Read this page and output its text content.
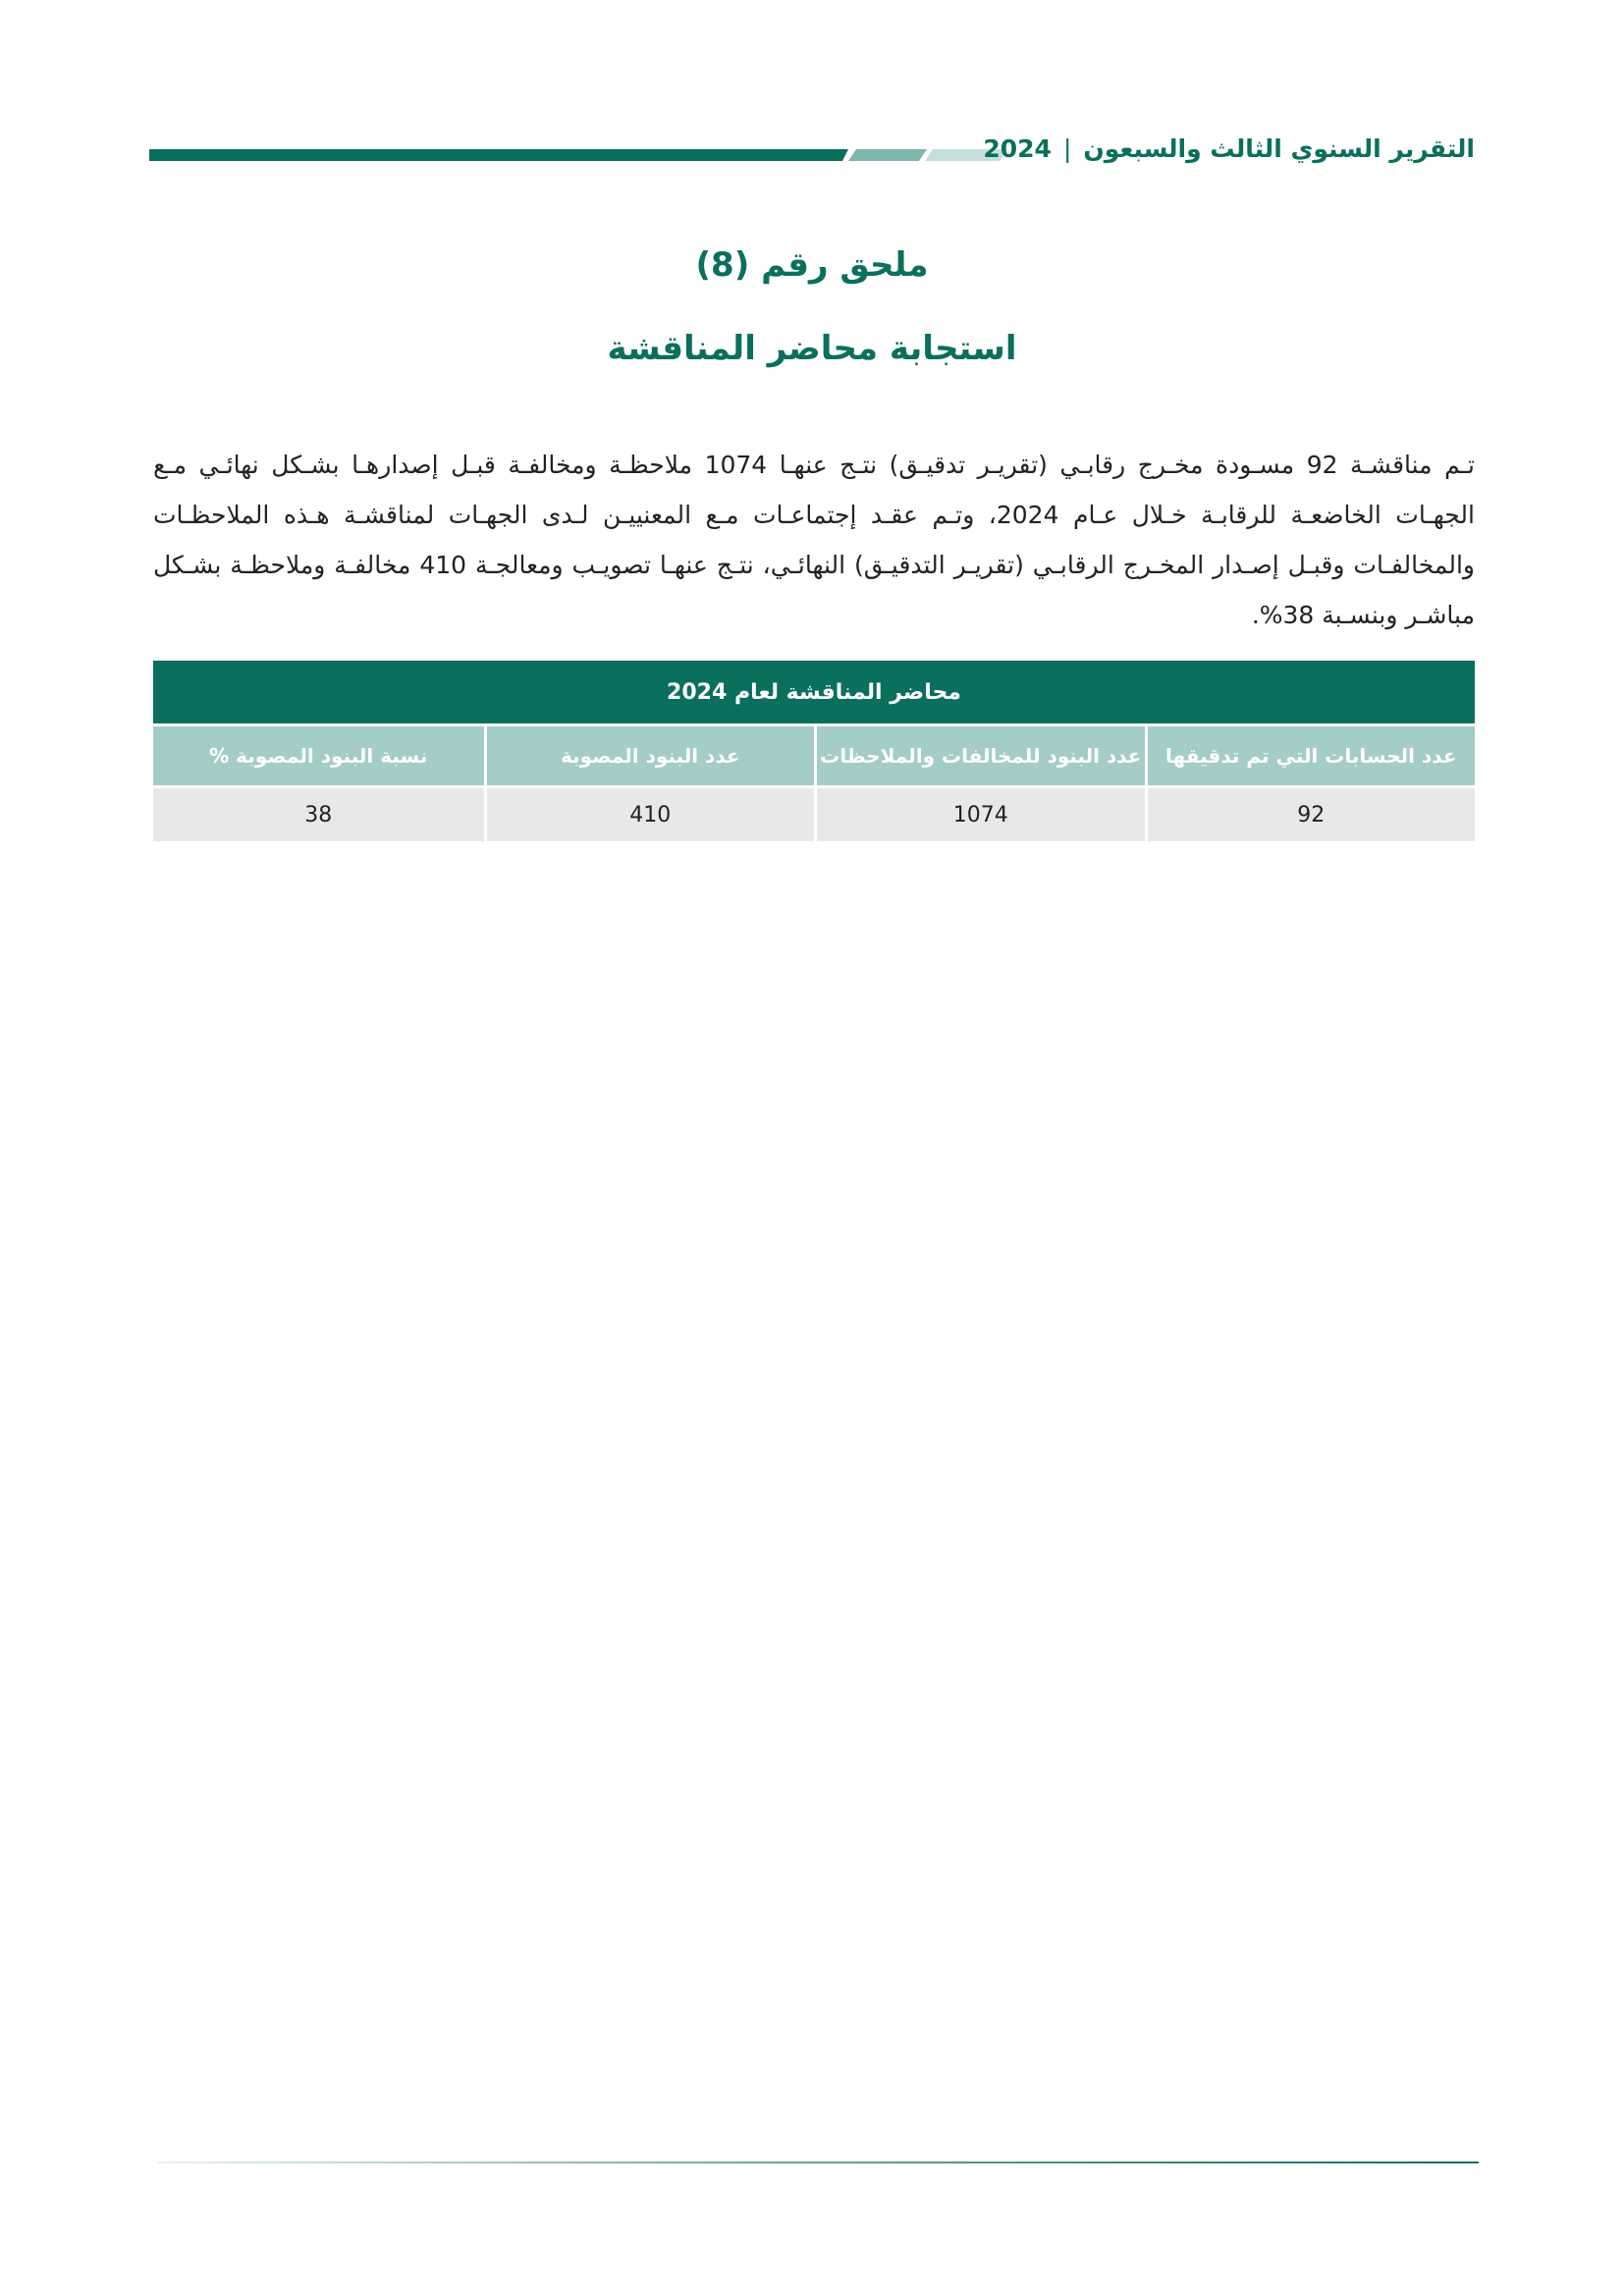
التقرير السنوي الثالث والسبعون|2024
ملحق رقم (8)
استجابة محاضر المناقشة

تـم مناقشـة 92 مسـودة مخـرج رقابـي (تقريـر تدقيـق) نتـج عنهـا 1074 ملاحظـة ومخالفـة قبـل إصدارهـا بشـكل نهائـي مـع الجهـات الخاضعـة للرقابـة خـلال عـام 2024، وتـم عقـد إجتماعـات مـع المعنييـن لـدى الجهـات لمناقشـة هـذه الملاحظـات والمخالفـات وقبـل إصـدار المخـرج الرقابـي (تقريـر التدقيـق) النهائـي، نتـج عنهـا تصويـب ومعالجـة 410 مخالفـة وملاحظـة بشـكل مباشـر وبنسـبة 38%.

محاضر المناقشة لعام 2024			
عدد الحسابات التي تم تدقيقها	عدد البنود للمخالفات والملاحظات	عدد البنود المصوبة	نسبة البنود المصوبة %
92	1074	410	38
